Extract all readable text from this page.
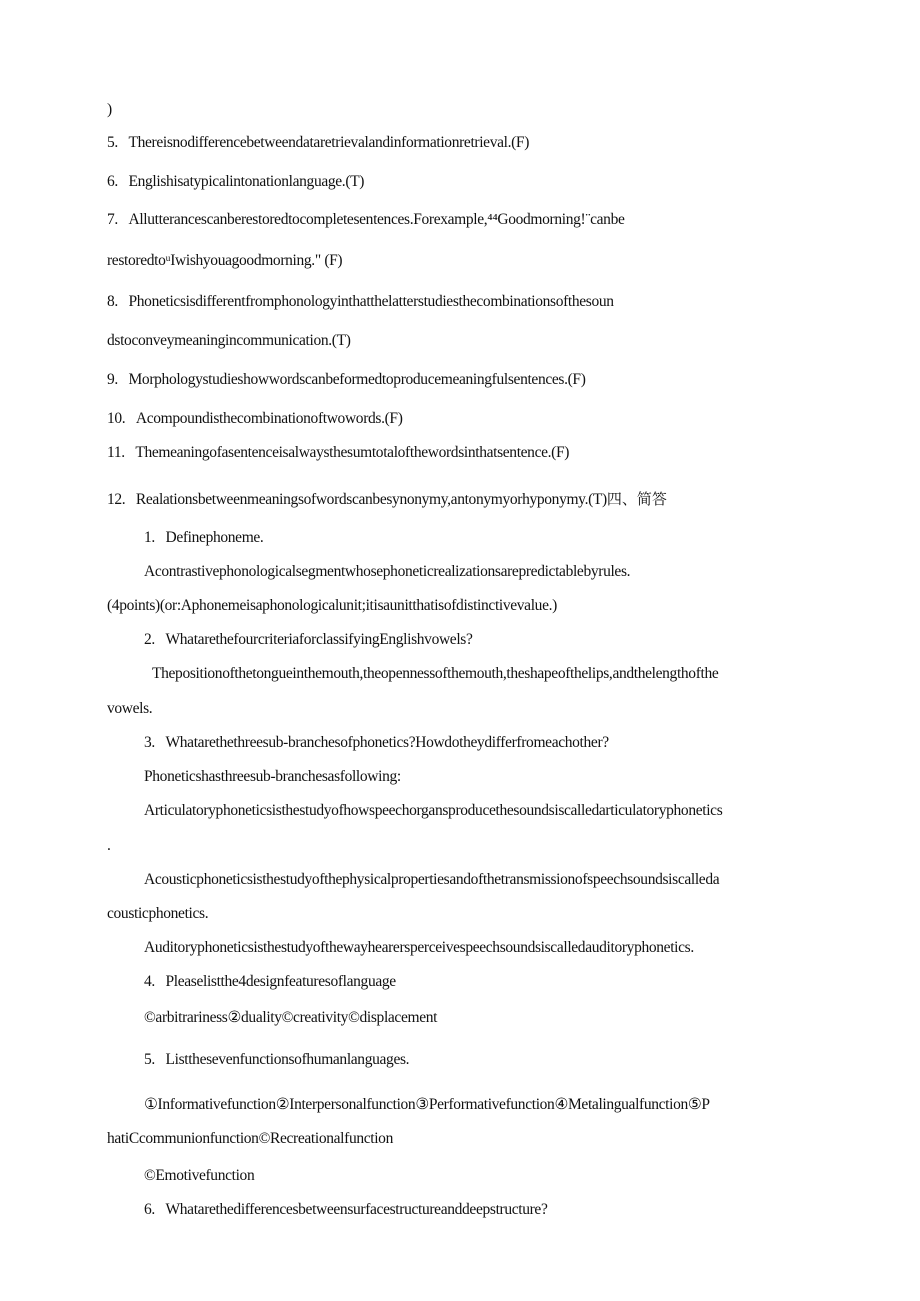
)
5.   Thereisnodifferencebetweendataretrievalandinformationretrieval.(F)
6.   Englishisatypicalintonationlanguage.(T)
7.   Allutterancescanberestoredtocompletesentences.Forexample,⁴⁴Goodmorning!¨canbe
restoredtoᵘIwishyouagoodmorning." (F)
8.   Phoneticsisdifferentfromphonologyinthatthelatterstudiesthecombinationsofthesoun
dstoconveymeaningincommunication.(T)
9.   Morphologystudieshowwordscanbeformedtoproducemeaningfulsentences.(F)
10.   Acompoundisthecombinationoftwowords.(F)
11.   Themeaningofasentenceisalwaysthesumtotalofthewordsinthatsentence.(F)
12.   Realationsbetweenmeaningsofwordscanbesynonymy,antonymyorhyponymy.(T)四、简答
1.   Definephoneme.
Acontrastivephonologicalsegmentwhosephoneticrealizationsarepredictablebyrules.
(4points)(or:Aphonemeisaphonologicalunit;itisaunitthatisofdistinctivevalue.)
2.   WhatarethefourcriteriaforclassifyingEnglishvowels?
Thepositionofthetongueinthemouth,theopennessofthemouth,theshapeofthelips,andthelengthofthe
vowels.
3.   Whatarethethreesub-branchesofphonetics?Howdotheydifferfromeachother?
Phoneticshasthreesub-branchesasfollowing:
Articulatoryphoneticsisthestudyofhowspeechorgansproducethesoundsiscalledarticulatoryphonetics
.
Acousticphoneticsisthestudyofthephysicalpropertiesandofthetransmissionofspeechsoundsiscalleda
cousticphonetics.
Auditoryphoneticsisthestudyofthewayhearersperceivespeechsoundsiscalledauditoryphonetics.
4.   Pleaselistthe4designfeaturesoflanguage
©arbitrariness②duality©creativity©displacement
5.   Listthesevenfunctionsofhumanlanguages.
①Informativefunction②Interpersonalfunction③Performativefunction④Metalingualfunction⑤P
hatiCcommunionfunction©Recreationalfunction
©Emotivefunction
6.   Whatarethedifferencesbetweensurfacestructureanddeepstructure?
